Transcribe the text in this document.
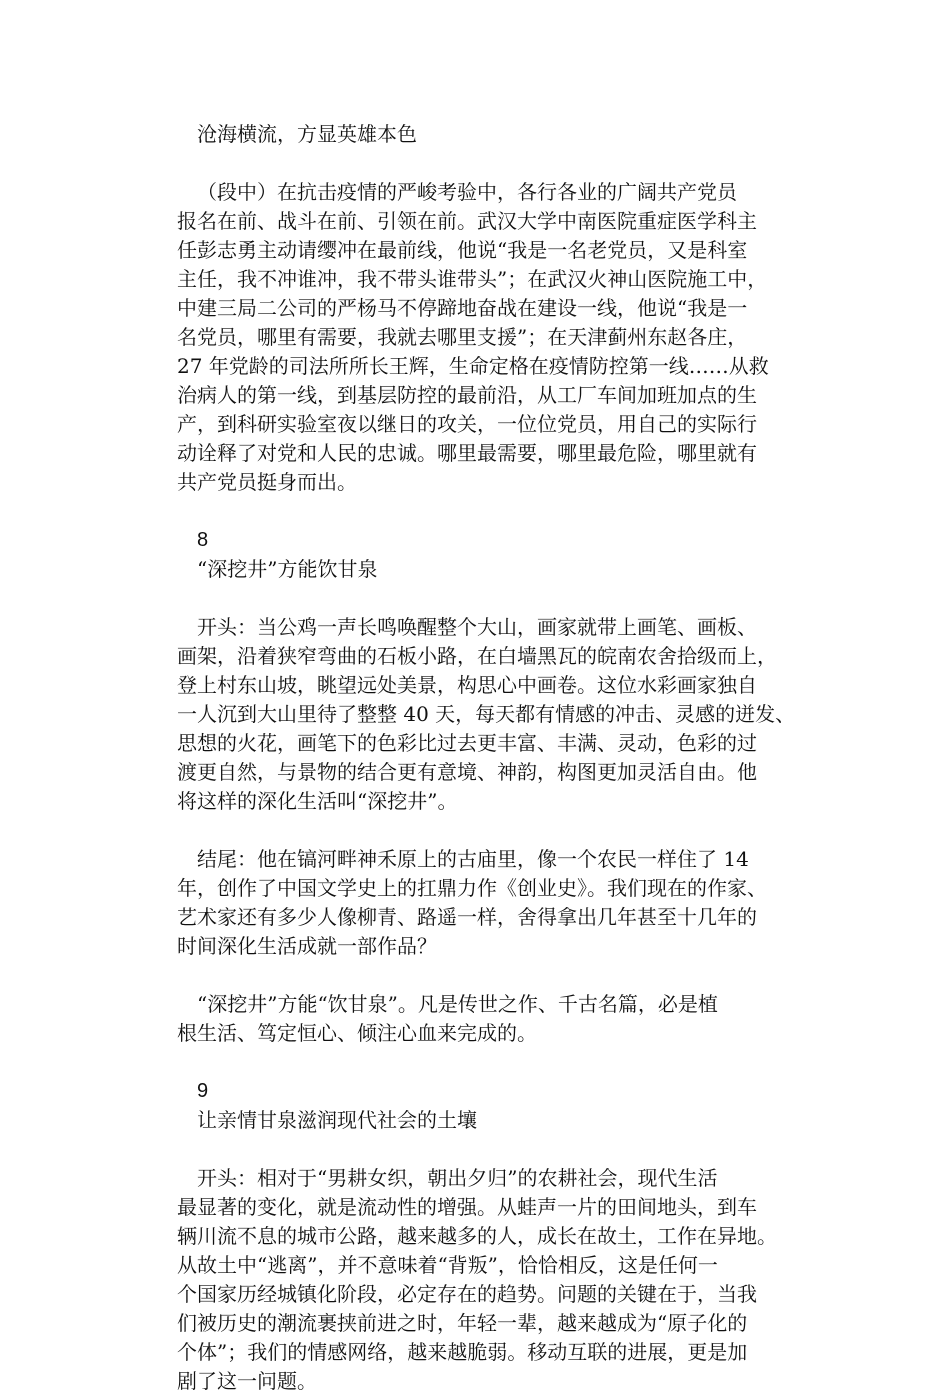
沧海横流，方显英雄本色

（段中）在抗击疫情的严峻考验中，各行各业的广阔共产党员

报名在前、战斗在前、引领在前。武汉大学中南医院重症医学科主

任彭志勇主动请缨冲在最前线，他说“我是一名老党员，又是科室

主任，我不冲谁冲，我不带头谁带头”；在武汉火神山医院施工中，

中建三局二公司的严杨马不停蹄地奋战在建设一线，他说“我是一

名党员，哪里有需要，我就去哪里支援”；在天津蓟州东赵各庄，

27 年党龄的司法所所长王辉，生命定格在疫情防控第一线……从救

治病人的第一线，到基层防控的最前沿，从工厂车间加班加点的生

产，到科研实验室夜以继日的攻关，一位位党员，用自己的实际行

动诠释了对党和人民的忠诚。哪里最需要，哪里最危险，哪里就有

共产党员挺身而出。

8

“深挖井”方能饮甘泉

开头：当公鸡一声长鸣唤醒整个大山，画家就带上画笔、画板、

画架，沿着狭窄弯曲的石板小路，在白墙黑瓦的皖南农舍拾级而上，

登上村东山坡，眺望远处美景，构思心中画卷。这位水彩画家独自

一人沉到大山里待了整整 40 天，每天都有情感的冲击、灵感的迸发、

思想的火花，画笔下的色彩比过去更丰富、丰满、灵动，色彩的过

渡更自然，与景物的结合更有意境、神韵，构图更加灵活自由。他

将这样的深化生活叫“深挖井”。

结尾：他在镐河畔神禾原上的古庙里，像一个农民一样住了 14

年，创作了中国文学史上的扛鼎力作《创业史》。我们现在的作家、

艺术家还有多少人像柳青、路遥一样，舍得拿出几年甚至十几年的

时间深化生活成就一部作品？

“深挖井”方能“饮甘泉”。凡是传世之作、千古名篇，必是植

根生活、笃定恒心、倾注心血来完成的。

9

让亲情甘泉滋润现代社会的土壤

开头：相对于“男耕女织，朝出夕归”的农耕社会，现代生活

最显著的变化，就是流动性的增强。从蛙声一片的田间地头，到车

辆川流不息的城市公路，越来越多的人，成长在故土，工作在异地。

从故土中“逃离”，并不意味着“背叛”，恰恰相反，这是任何一

个国家历经城镇化阶段，必定存在的趋势。问题的关键在于，当我

们被历史的潮流裹挟前进之时，年轻一辈，越来越成为“原子化的

个体”；我们的情感网络，越来越脆弱。移动互联的进展，更是加

剧了这一问题。
